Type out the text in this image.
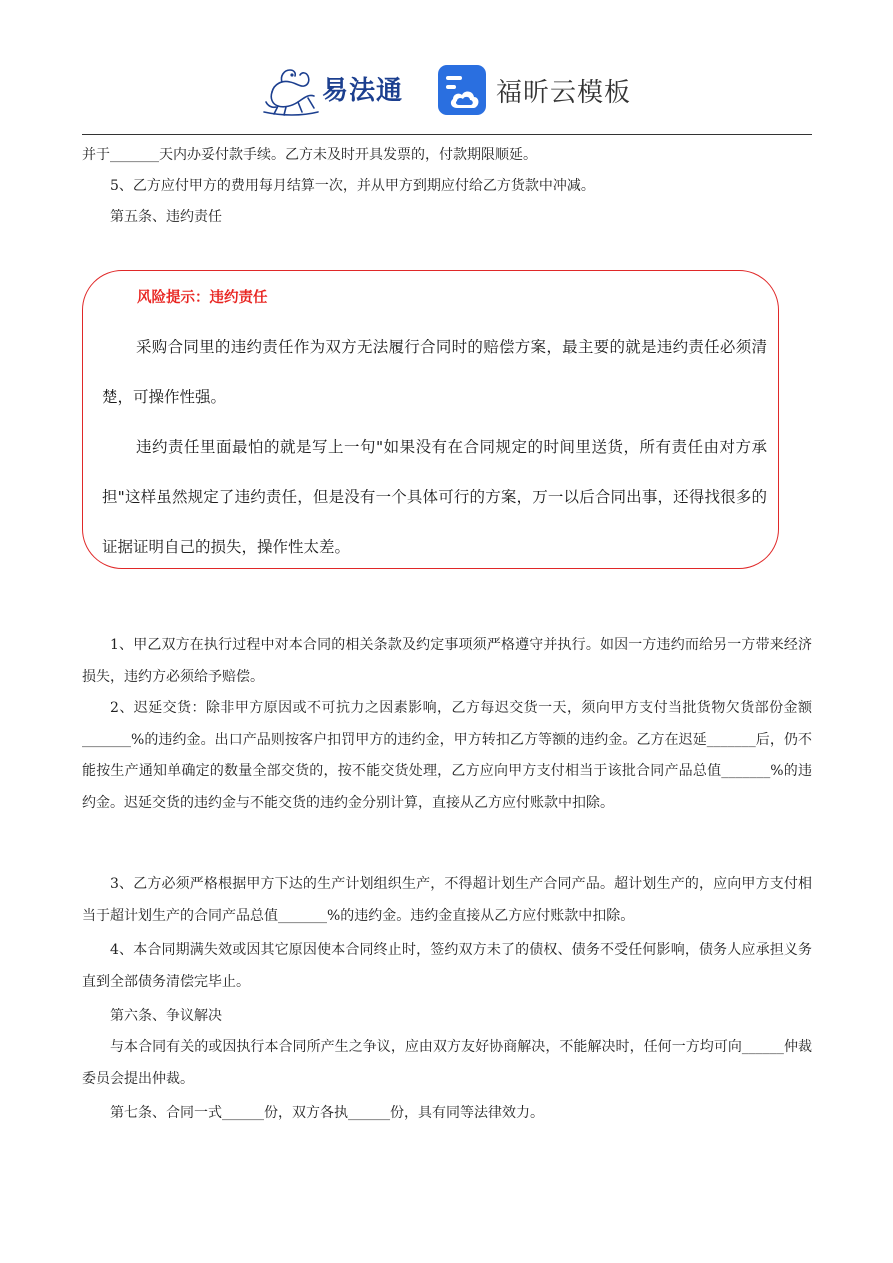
易法通	福昕云模板

并于_______天内办妥付款手续。乙方未及时开具发票的，付款期限顺延。

5、乙方应付甲方的费用每月结算一次，并从甲方到期应付给乙方货款中冲减。

第五条、违约责任

风险提示：违约责任

采购合同里的违约责任作为双方无法履行合同时的赔偿方案，最主要的就是违约责任必须清楚，可操作性强。

违约责任里面最怕的就是写上一句"如果没有在合同规定的时间里送货，所有责任由对方承担"这样虽然规定了违约责任，但是没有一个具体可行的方案，万一以后合同出事，还得找很多的证据证明自己的损失，操作性太差。

1、甲乙双方在执行过程中对本合同的相关条款及约定事项须严格遵守并执行。如因一方违约而给另一方带来经济损失，违约方必须给予赔偿。

2、迟延交货：除非甲方原因或不可抗力之因素影响，乙方每迟交货一天，须向甲方支付当批货物欠货部份金额_______%的违约金。出口产品则按客户扣罚甲方的违约金，甲方转扣乙方等额的违约金。乙方在迟延_______后，仍不能按生产通知单确定的数量全部交货的，按不能交货处理，乙方应向甲方支付相当于该批合同产品总值_______%的违约金。迟延交货的违约金与不能交货的违约金分别计算，直接从乙方应付账款中扣除。

3、乙方必须严格根据甲方下达的生产计划组织生产，不得超计划生产合同产品。超计划生产的，应向甲方支付相当于超计划生产的合同产品总值_______%的违约金。违约金直接从乙方应付账款中扣除。

4、本合同期满失效或因其它原因使本合同终止时，签约双方未了的债权、债务不受任何影响，债务人应承担义务直到全部债务清偿完毕止。

第六条、争议解决

与本合同有关的或因执行本合同所产生之争议，应由双方友好协商解决，不能解决时，任何一方均可向______仲裁委员会提出仲裁。

第七条、合同一式______份，双方各执______份，具有同等法律效力。
